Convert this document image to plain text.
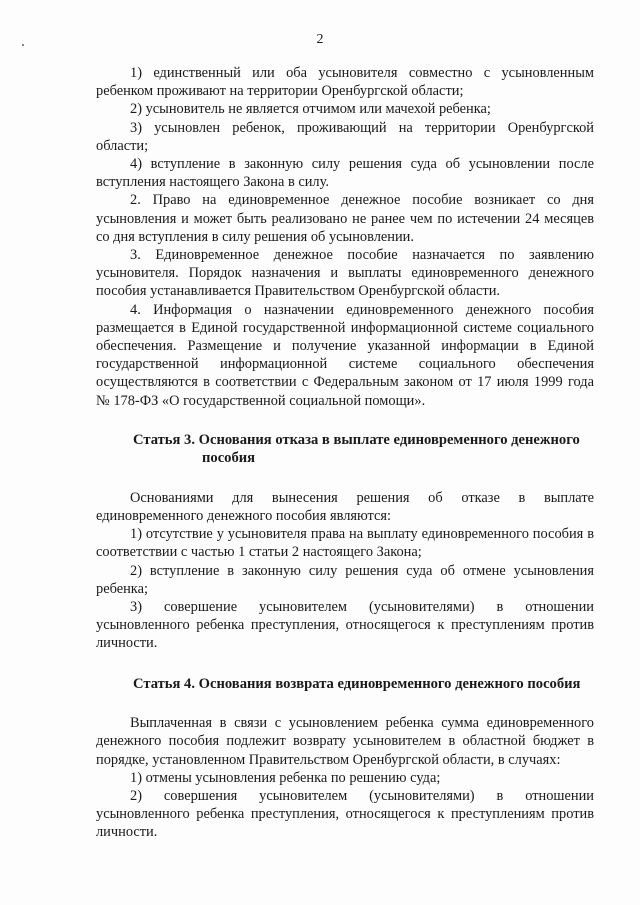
2

1) единственный или оба усыновителя совместно с усыновленным ребенком проживают на территории Оренбургской области;

2) усыновитель не является отчимом или мачехой ребенка;

3) усыновлен ребенок, проживающий на территории Оренбургской области;

4) вступление в законную силу решения суда об усыновлении после вступления настоящего Закона в силу.

2. Право на единовременное денежное пособие возникает со дня усыновления и может быть реализовано не ранее чем по истечении 24 месяцев со дня вступления в силу решения об усыновлении.

3. Единовременное денежное пособие назначается по заявлению усыновителя. Порядок назначения и выплаты единовременного денежного пособия устанавливается Правительством Оренбургской области.

4. Информация о назначении единовременного денежного пособия размещается в Единой государственной информационной системе социального обеспечения. Размещение и получение указанной информации в Единой государственной информационной системе социального обеспечения осуществляются в соответствии с Федеральным законом от 17 июля 1999 года № 178-ФЗ «О государственной социальной помощи».

Статья 3. Основания отказа в выплате единовременного денежного
пособия

Основаниями для вынесения решения об отказе в выплате единовременного денежного пособия являются:

1) отсутствие у усыновителя права на выплату единовременного пособия в соответствии с частью 1 статьи 2 настоящего Закона;

2) вступление в законную силу решения суда об отмене усыновления ребенка;

3) совершение усыновителем (усыновителями) в отношении усыновленного ребенка преступления, относящегося к преступлениям против личности.

Статья 4. Основания возврата единовременного денежного пособия

Выплаченная в связи с усыновлением ребенка сумма единовременного денежного пособия подлежит возврату усыновителем в областной бюджет в порядке, установленном Правительством Оренбургской области, в случаях:

1) отмены усыновления ребенка по решению суда;

2) совершения усыновителем (усыновителями) в отношении усыновленного ребенка преступления, относящегося к преступлениям против личности.
